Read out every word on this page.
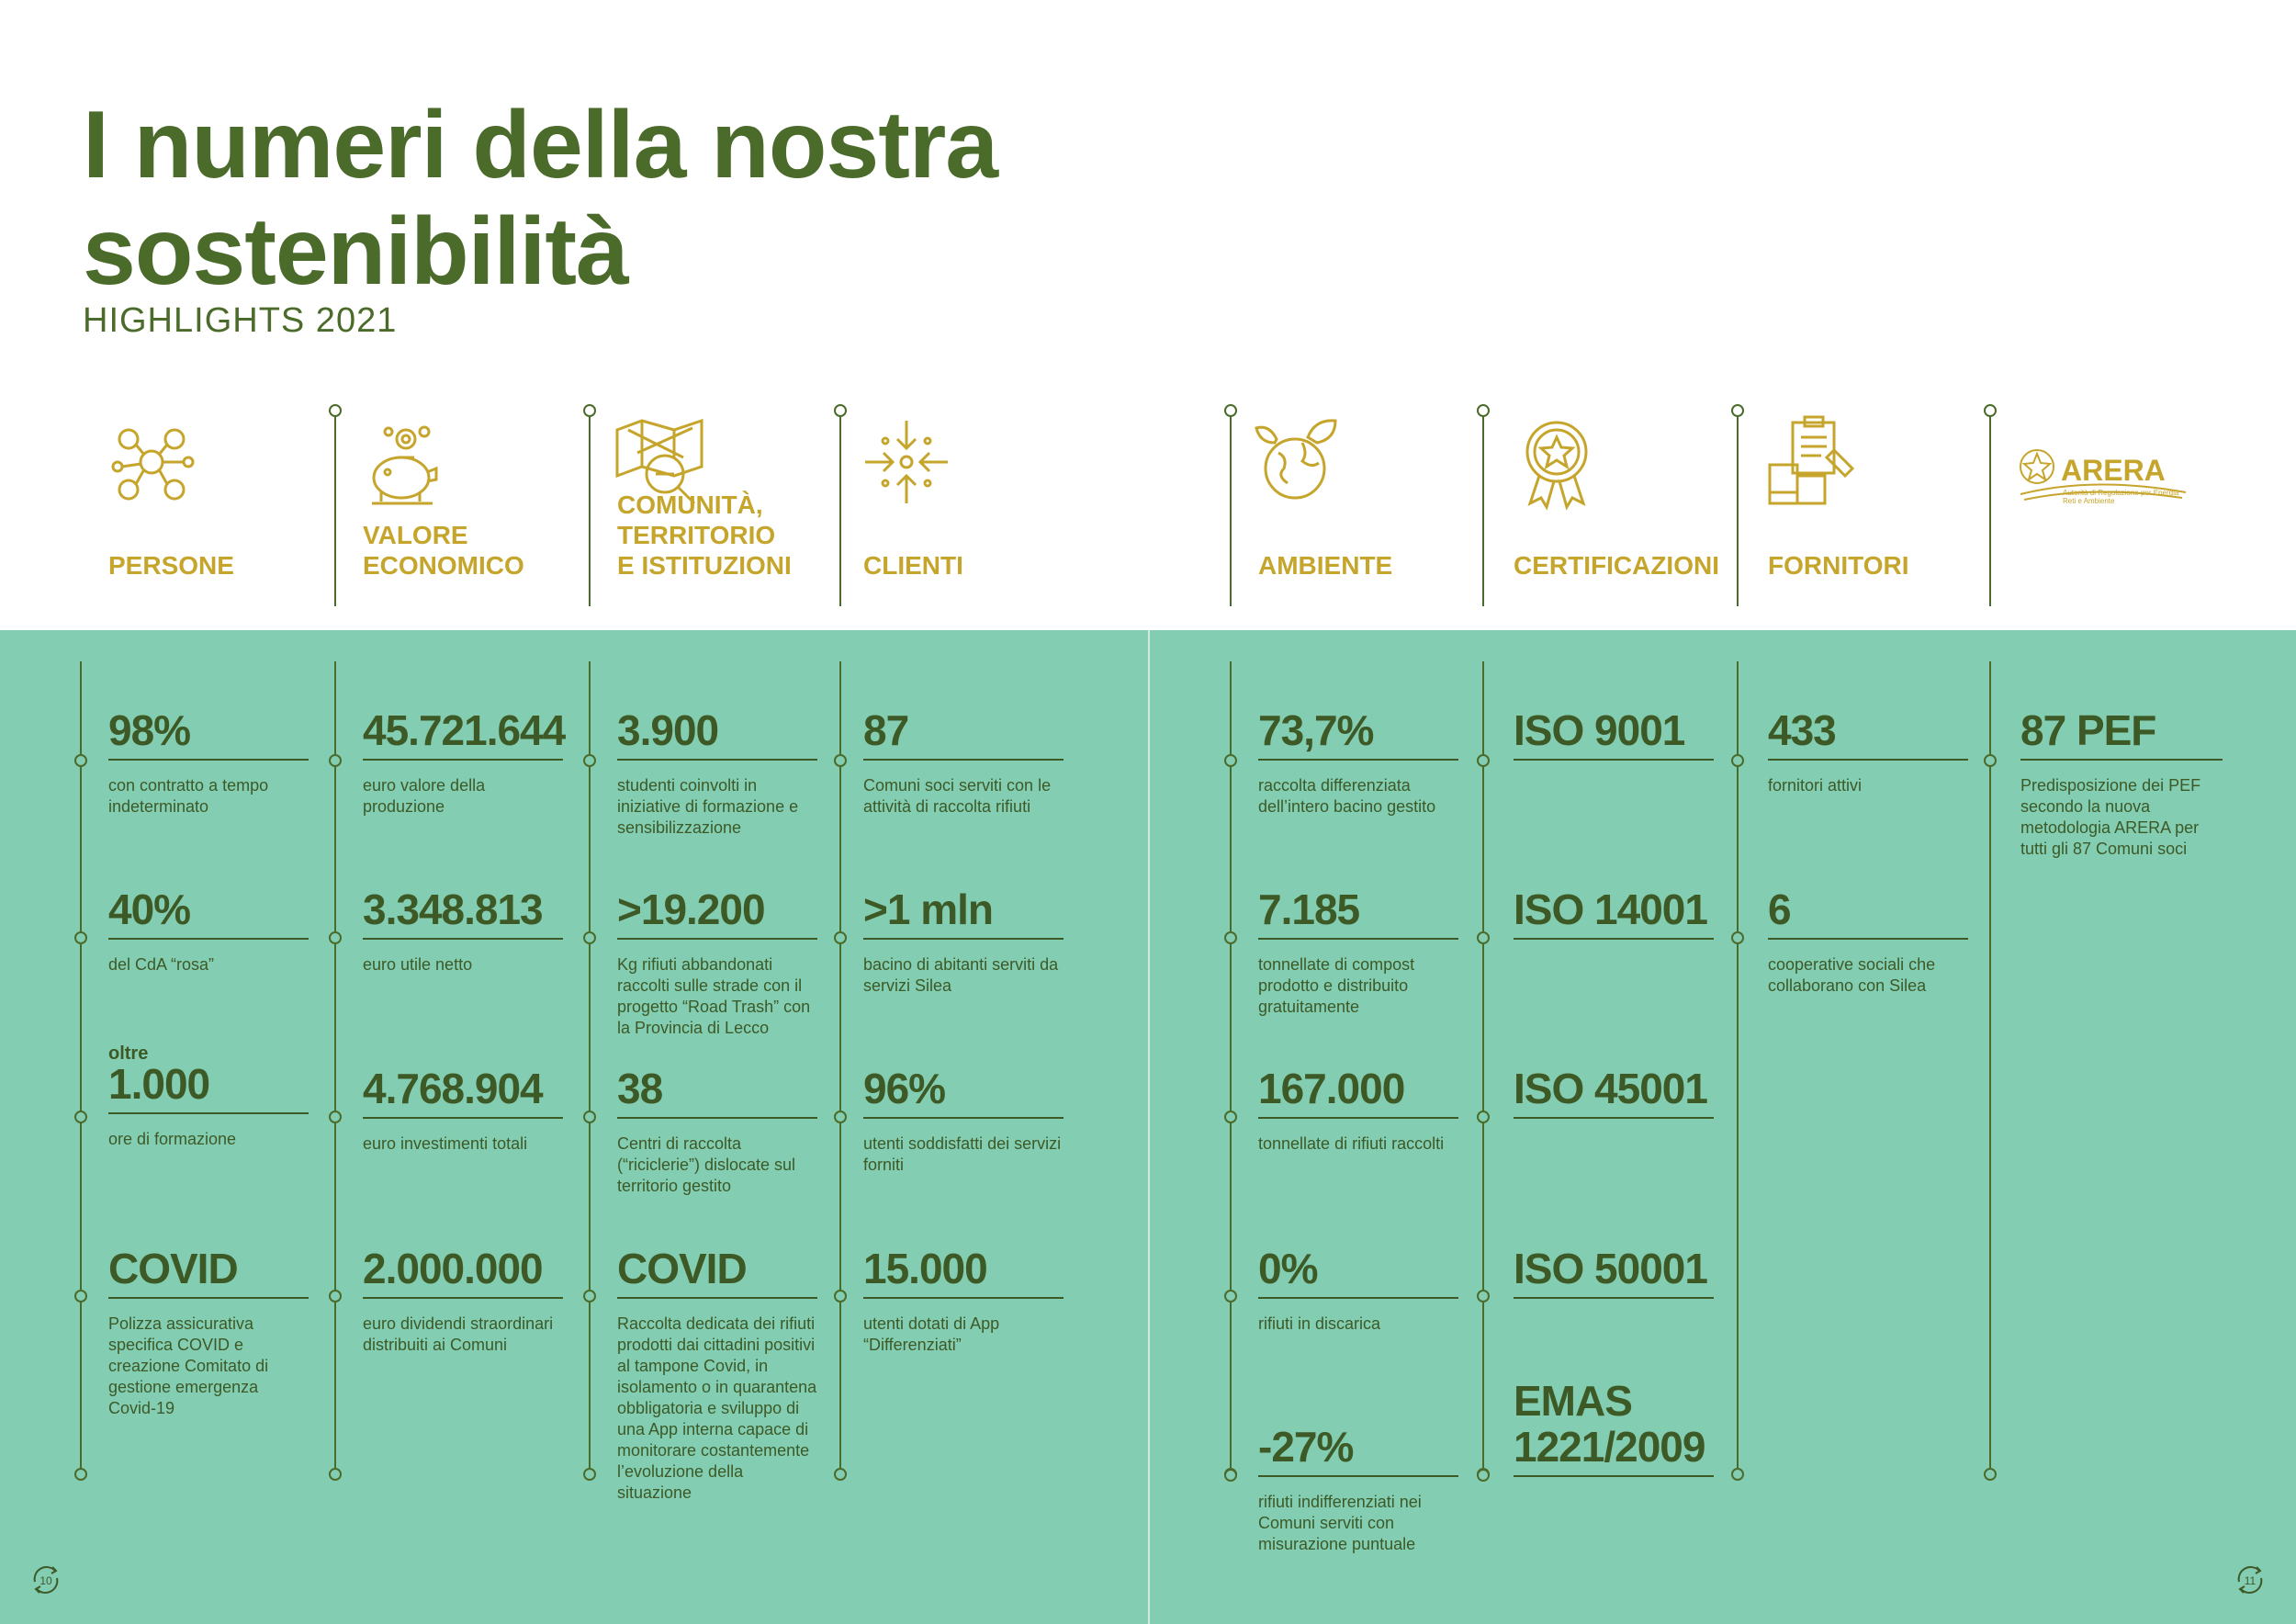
I numeri della nostra
sostenibilità
HIGHLIGHTS 2021
PERSONE
VALORE
ECONOMICO
COMUNITÀ,
TERRITORIO
E ISTITUZIONI	CLIENTI	AMBIENTE	CERTIFICAZIONI FORNITORI
ARERA
Autorità di Regolazione per Energia Reti e Ambiente
98%
con contratto a tempo indeterminato
40%
del CdA “rosa”
oltre
1.000
ore di formazione
COVID
Polizza assicurativa specifica COVID e creazione Comitato di gestione emergenza Covid-19
45.721.644
euro valore della produzione
3.348.813
euro utile netto
4.768.904
euro investimenti totali
2.000.000
euro dividendi straordinari distribuiti ai Comuni
3.900
studenti coinvolti in iniziative di formazione e sensibilizzazione
>19.200
Kg rifiuti abbandonati raccolti sulle strade con il progetto “Road Trash” con la Provincia di Lecco
38
Centri di raccolta (“riciclerie”) dislocate sul territorio gestito
COVID
Raccolta dedicata dei rifiuti prodotti dai cittadini positivi al tampone Covid, in isolamento o in quarantena obbligatoria e sviluppo di una App interna capace di monitorare costantemente l’evoluzione della situazione
87
Comuni soci serviti con le attività di raccolta rifiuti
>1 mln
bacino di abitanti serviti da servizi Silea
96%
utenti soddisfatti dei servizi forniti
15.000
utenti dotati di App “Differenziati”
73,7%
raccolta differenziata dell’intero bacino gestito
7.185
tonnellate di compost prodotto e distribuito gratuitamente
167.000
tonnellate di rifiuti raccolti
0%
rifiuti in discarica
-27%
rifiuti indifferenziati nei Comuni serviti con misurazione puntuale
ISO 9001
ISO 14001
ISO 45001
ISO 50001
EMAS
1221/2009
433
fornitori attivi
6
cooperative sociali che collaborano con Silea
87 PEF
Predisposizione dei PEF secondo la nuova metodologia ARERA per tutti gli 87 Comuni soci
10	11
